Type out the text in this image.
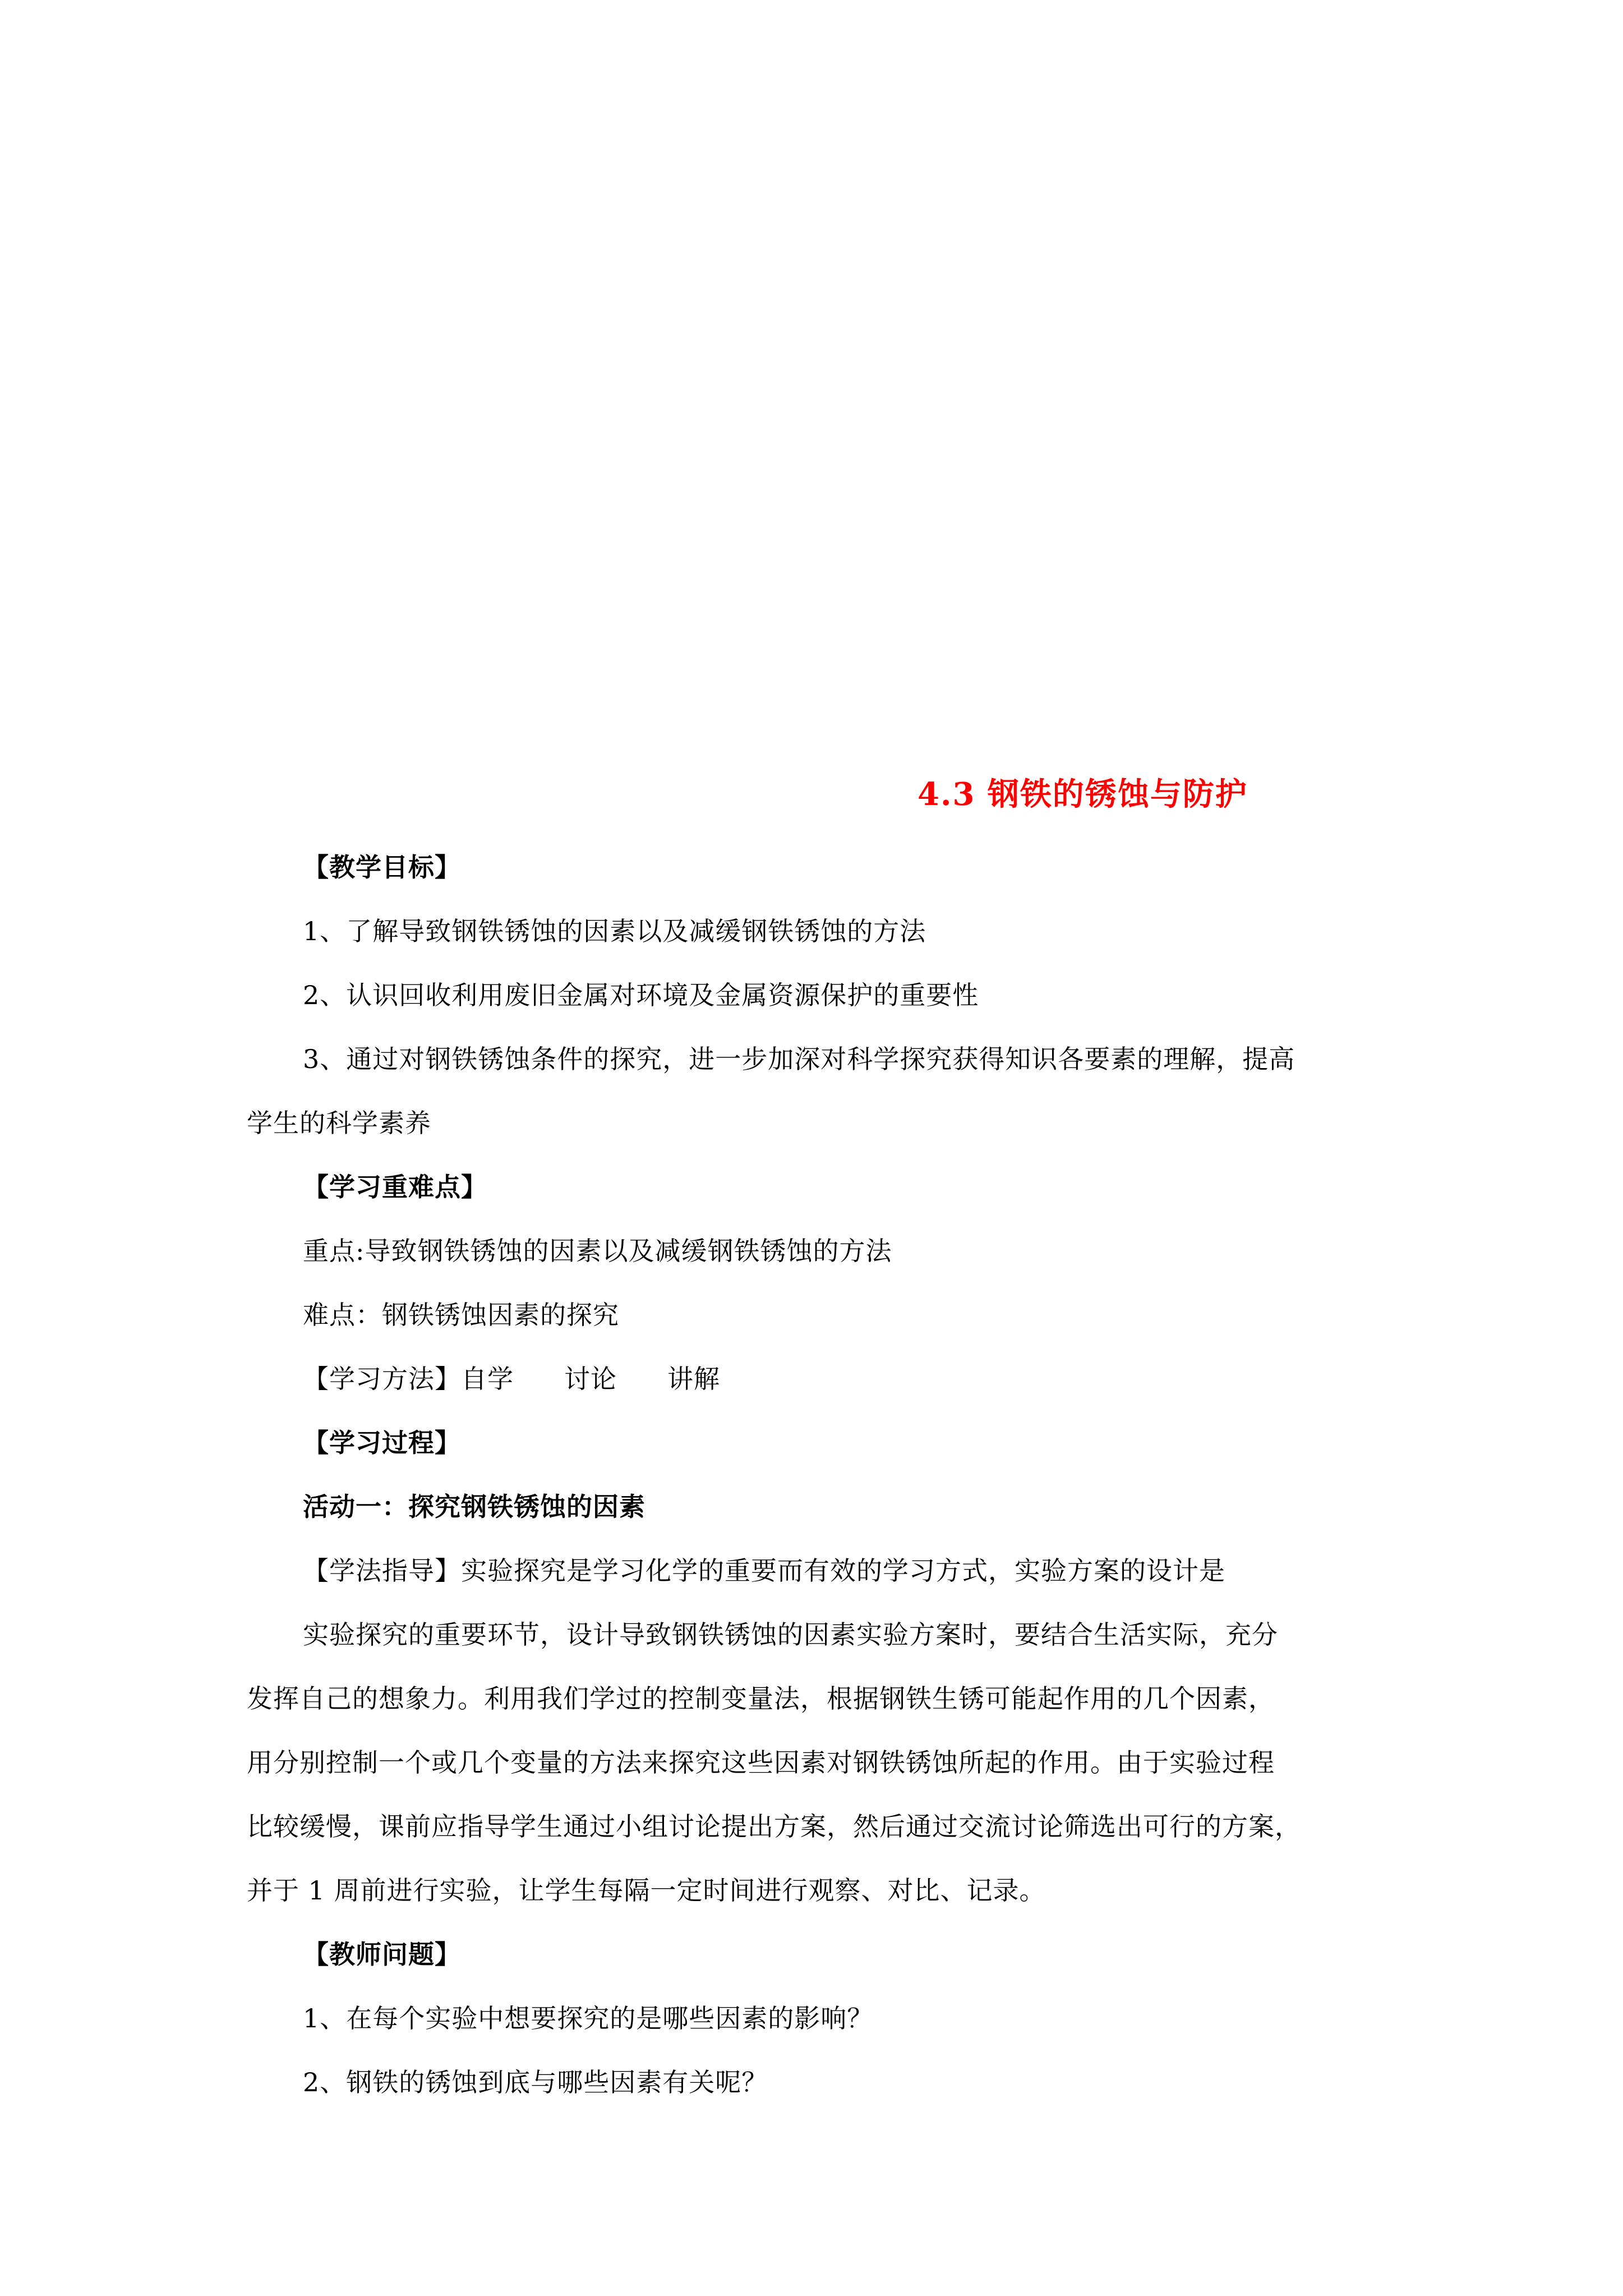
4.3 钢铁的锈蚀与防护
【教学目标】
1、了解导致钢铁锈蚀的因素以及减缓钢铁锈蚀的方法
2、认识回收利用废旧金属对环境及金属资源保护的重要性
3、通过对钢铁锈蚀条件的探究，进一步加深对科学探究获得知识各要素的理解，提高
学生的科学素养
【学习重难点】
重点:导致钢铁锈蚀的因素以及减缓钢铁锈蚀的方法
难点：钢铁锈蚀因素的探究
【学习方法】自学 讨论 讲解
【学习过程】
活动一：探究钢铁锈蚀的因素
【学法指导】实验探究是学习化学的重要而有效的学习方式，实验方案的设计是
实验探究的重要环节，设计导致钢铁锈蚀的因素实验方案时，要结合生活实际，充分
发挥自己的想象力。利用我们学过的控制变量法，根据钢铁生锈可能起作用的几个因素，
用分别控制一个或几个变量的方法来探究这些因素对钢铁锈蚀所起的作用。由于实验过程
比较缓慢，课前应指导学生通过小组讨论提出方案，然后通过交流讨论筛选出可行的方案，
并于 1 周前进行实验，让学生每隔一定时间进行观察、对比、记录。
【教师问题】
1、在每个实验中想要探究的是哪些因素的影响？
2、钢铁的锈蚀到底与哪些因素有关呢？
